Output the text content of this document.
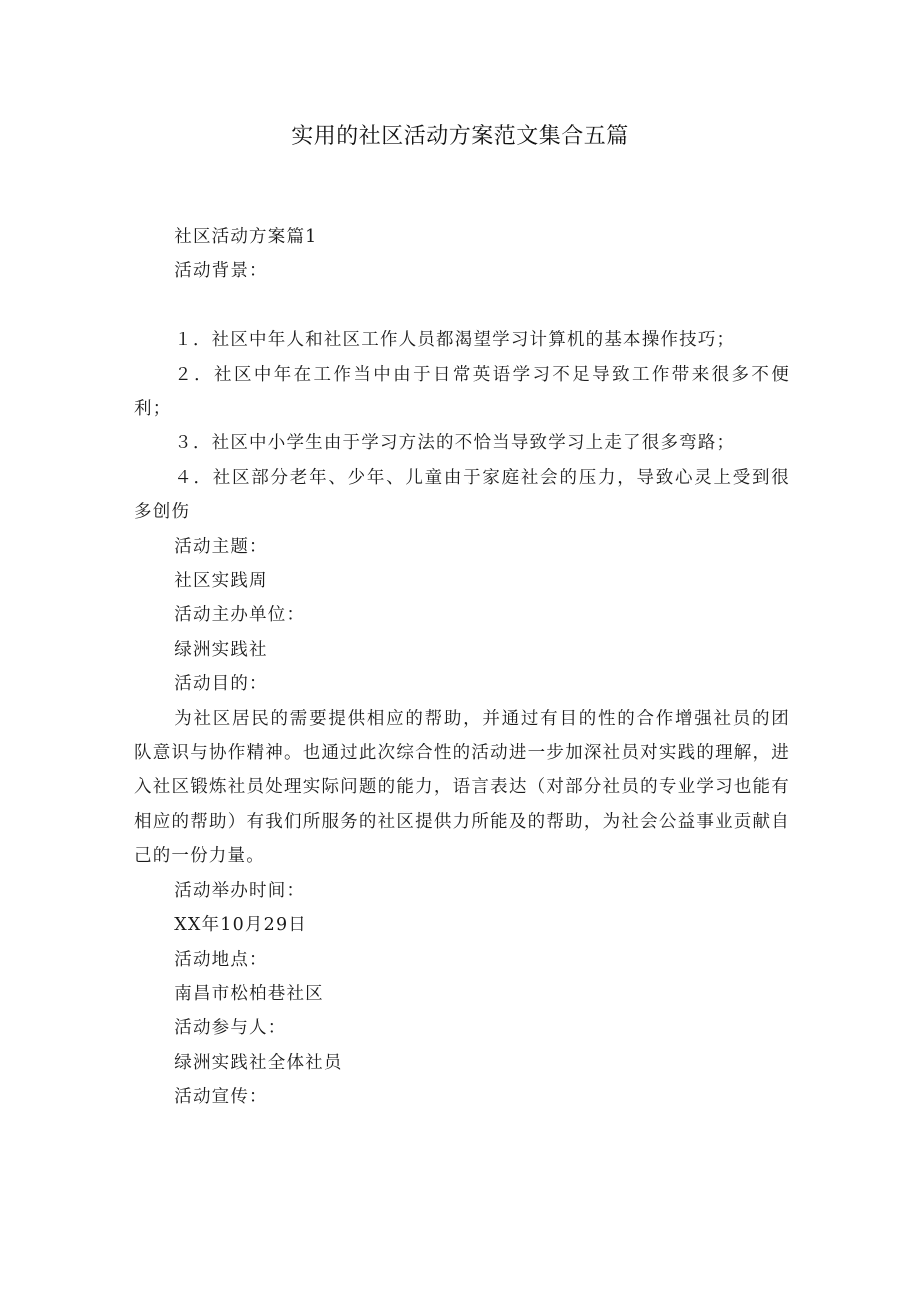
实用的社区活动方案范文集合五篇

社区活动方案篇1

活动背景：

１．社区中年人和社区工作人员都渴望学习计算机的基本操作技巧；

２．社区中年在工作当中由于日常英语学习不足导致工作带来很多不便利；

３．社区中小学生由于学习方法的不恰当导致学习上走了很多弯路；

４．社区部分老年、少年、儿童由于家庭社会的压力，导致心灵上受到很多创伤

活动主题：

社区实践周

活动主办单位：

绿洲实践社

活动目的：

为社区居民的需要提供相应的帮助，并通过有目的性的合作增强社员的团队意识与协作精神。也通过此次综合性的活动进一步加深社员对实践的理解，进入社区锻炼社员处理实际问题的能力，语言表达（对部分社员的专业学习也能有相应的帮助）有我们所服务的社区提供力所能及的帮助，为社会公益事业贡献自己的一份力量。

活动举办时间：

XX年10月29日

活动地点：

南昌市松柏巷社区

活动参与人：

绿洲实践社全体社员

活动宣传：
